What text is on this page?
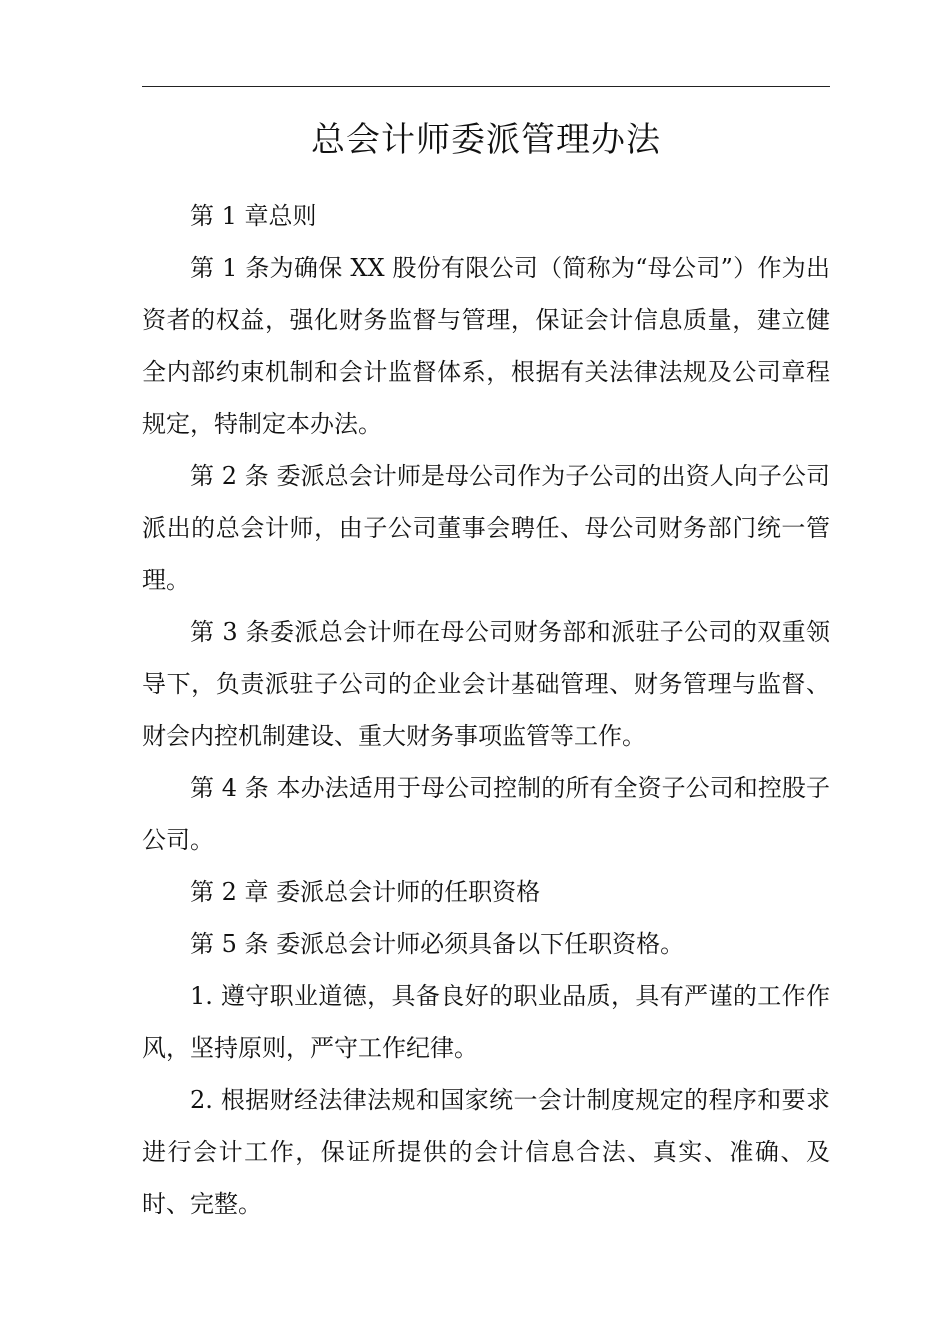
总会计师委派管理办法

第 1 章总则

第 1 条为确保 XX 股份有限公司（简称为“母公司”）作为出资者的权益，强化财务监督与管理，保证会计信息质量，建立健全内部约束机制和会计监督体系，根据有关法律法规及公司章程规定，特制定本办法。

第 2 条 委派总会计师是母公司作为子公司的出资人向子公司派出的总会计师，由子公司董事会聘任、母公司财务部门统一管理。

第 3 条委派总会计师在母公司财务部和派驻子公司的双重领导下，负责派驻子公司的企业会计基础管理、财务管理与监督、财会内控机制建设、重大财务事项监管等工作。

第 4 条 本办法适用于母公司控制的所有全资子公司和控股子公司。

第 2 章 委派总会计师的任职资格

第 5 条 委派总会计师必须具备以下任职资格。

1. 遵守职业道德，具备良好的职业品质，具有严谨的工作作风，坚持原则，严守工作纪律。

2. 根据财经法律法规和国家统一会计制度规定的程序和要求进行会计工作，保证所提供的会计信息合法、真实、准确、及时、完整。
